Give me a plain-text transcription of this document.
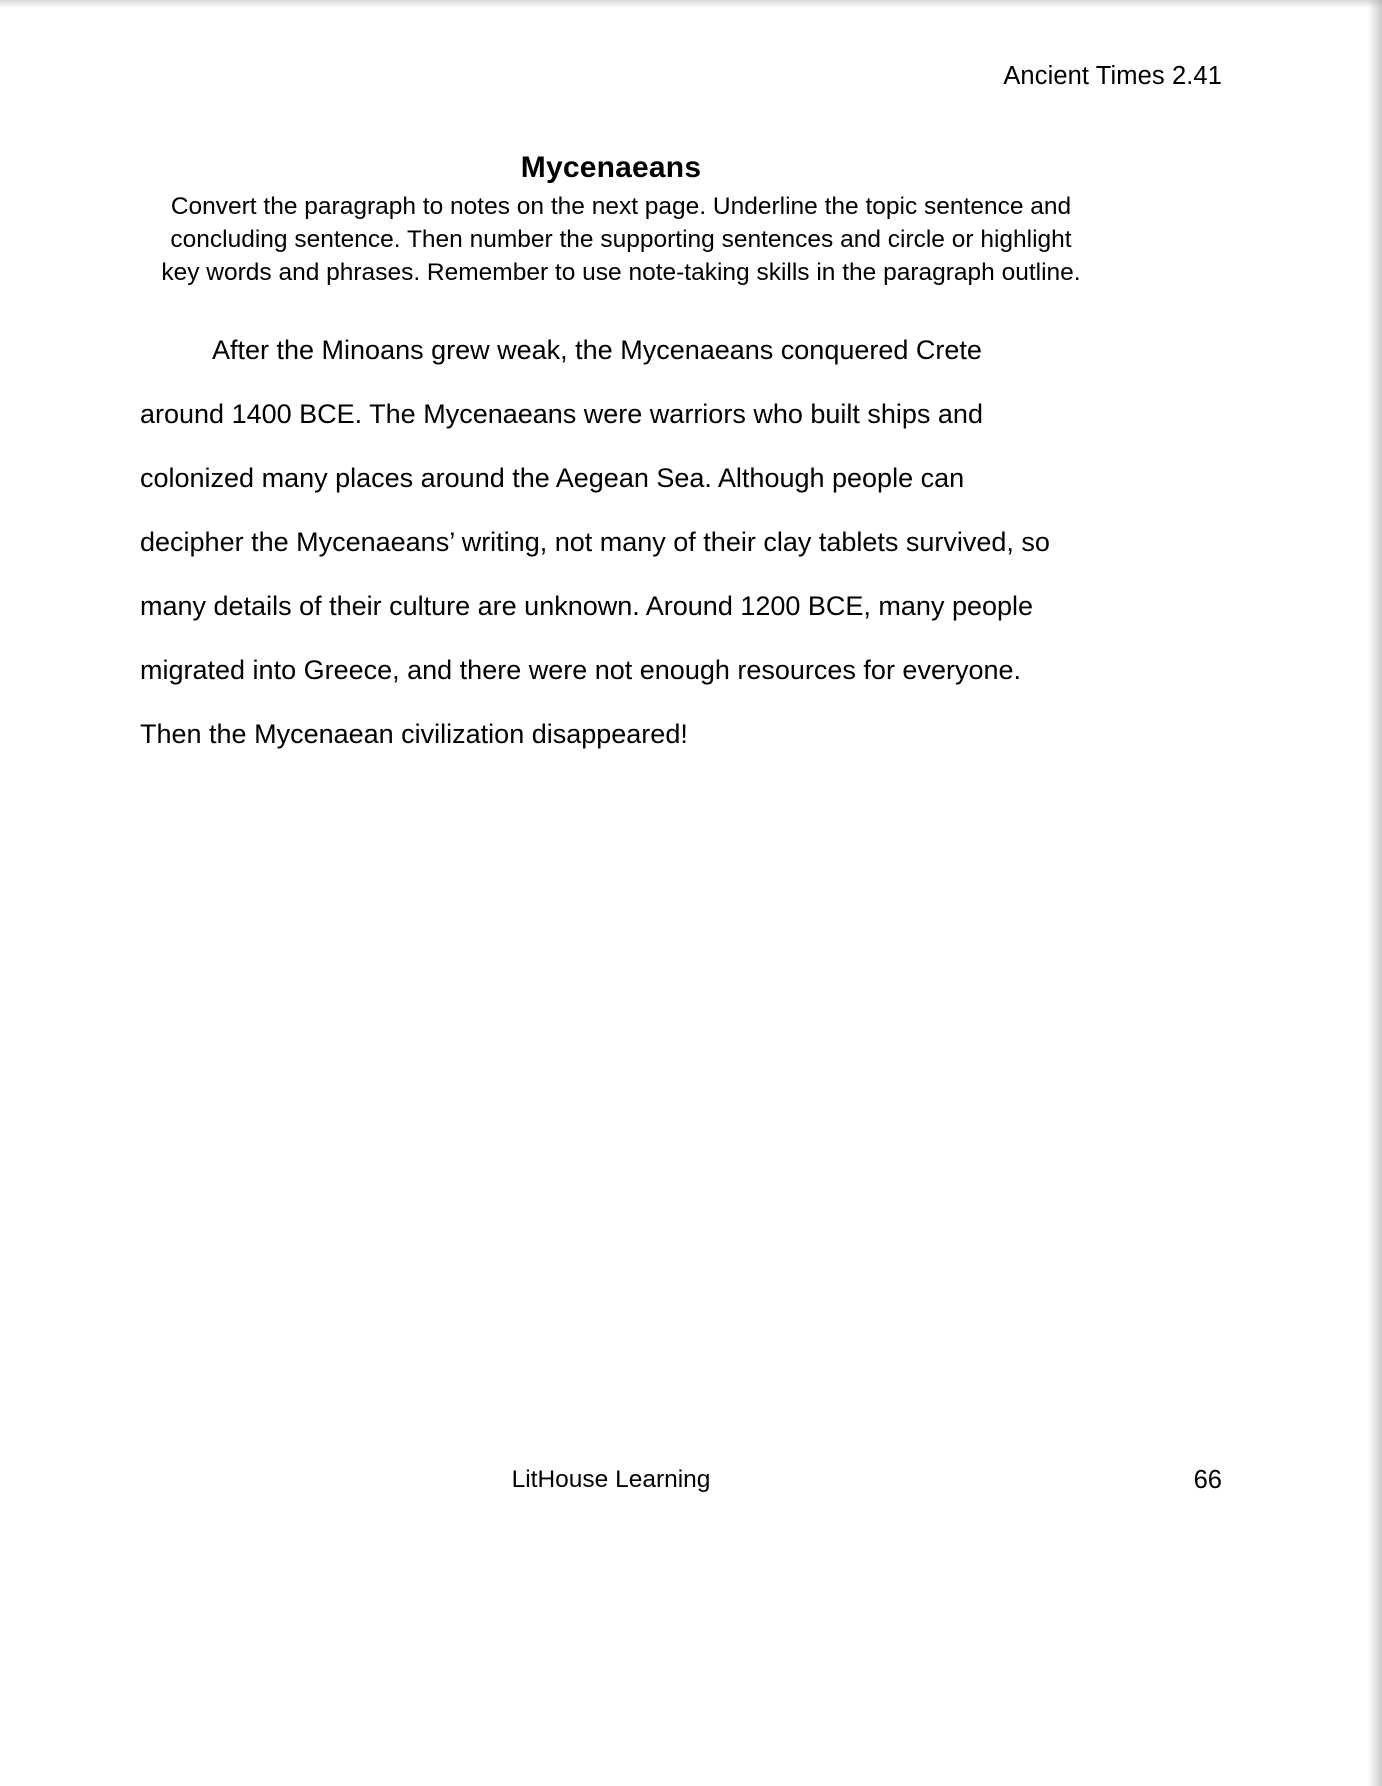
Ancient Times 2.41
Mycenaeans
Convert the paragraph to notes on the next page. Underline the topic sentence and concluding sentence. Then number the supporting sentences and circle or highlight key words and phrases. Remember to use note-taking skills in the paragraph outline.
After the Minoans grew weak, the Mycenaeans conquered Crete around 1400 BCE. The Mycenaeans were warriors who built ships and colonized many places around the Aegean Sea. Although people can decipher the Mycenaeans’ writing, not many of their clay tablets survived, so many details of their culture are unknown. Around 1200 BCE, many people migrated into Greece, and there were not enough resources for everyone. Then the Mycenaean civilization disappeared!
LitHouse Learning	66
